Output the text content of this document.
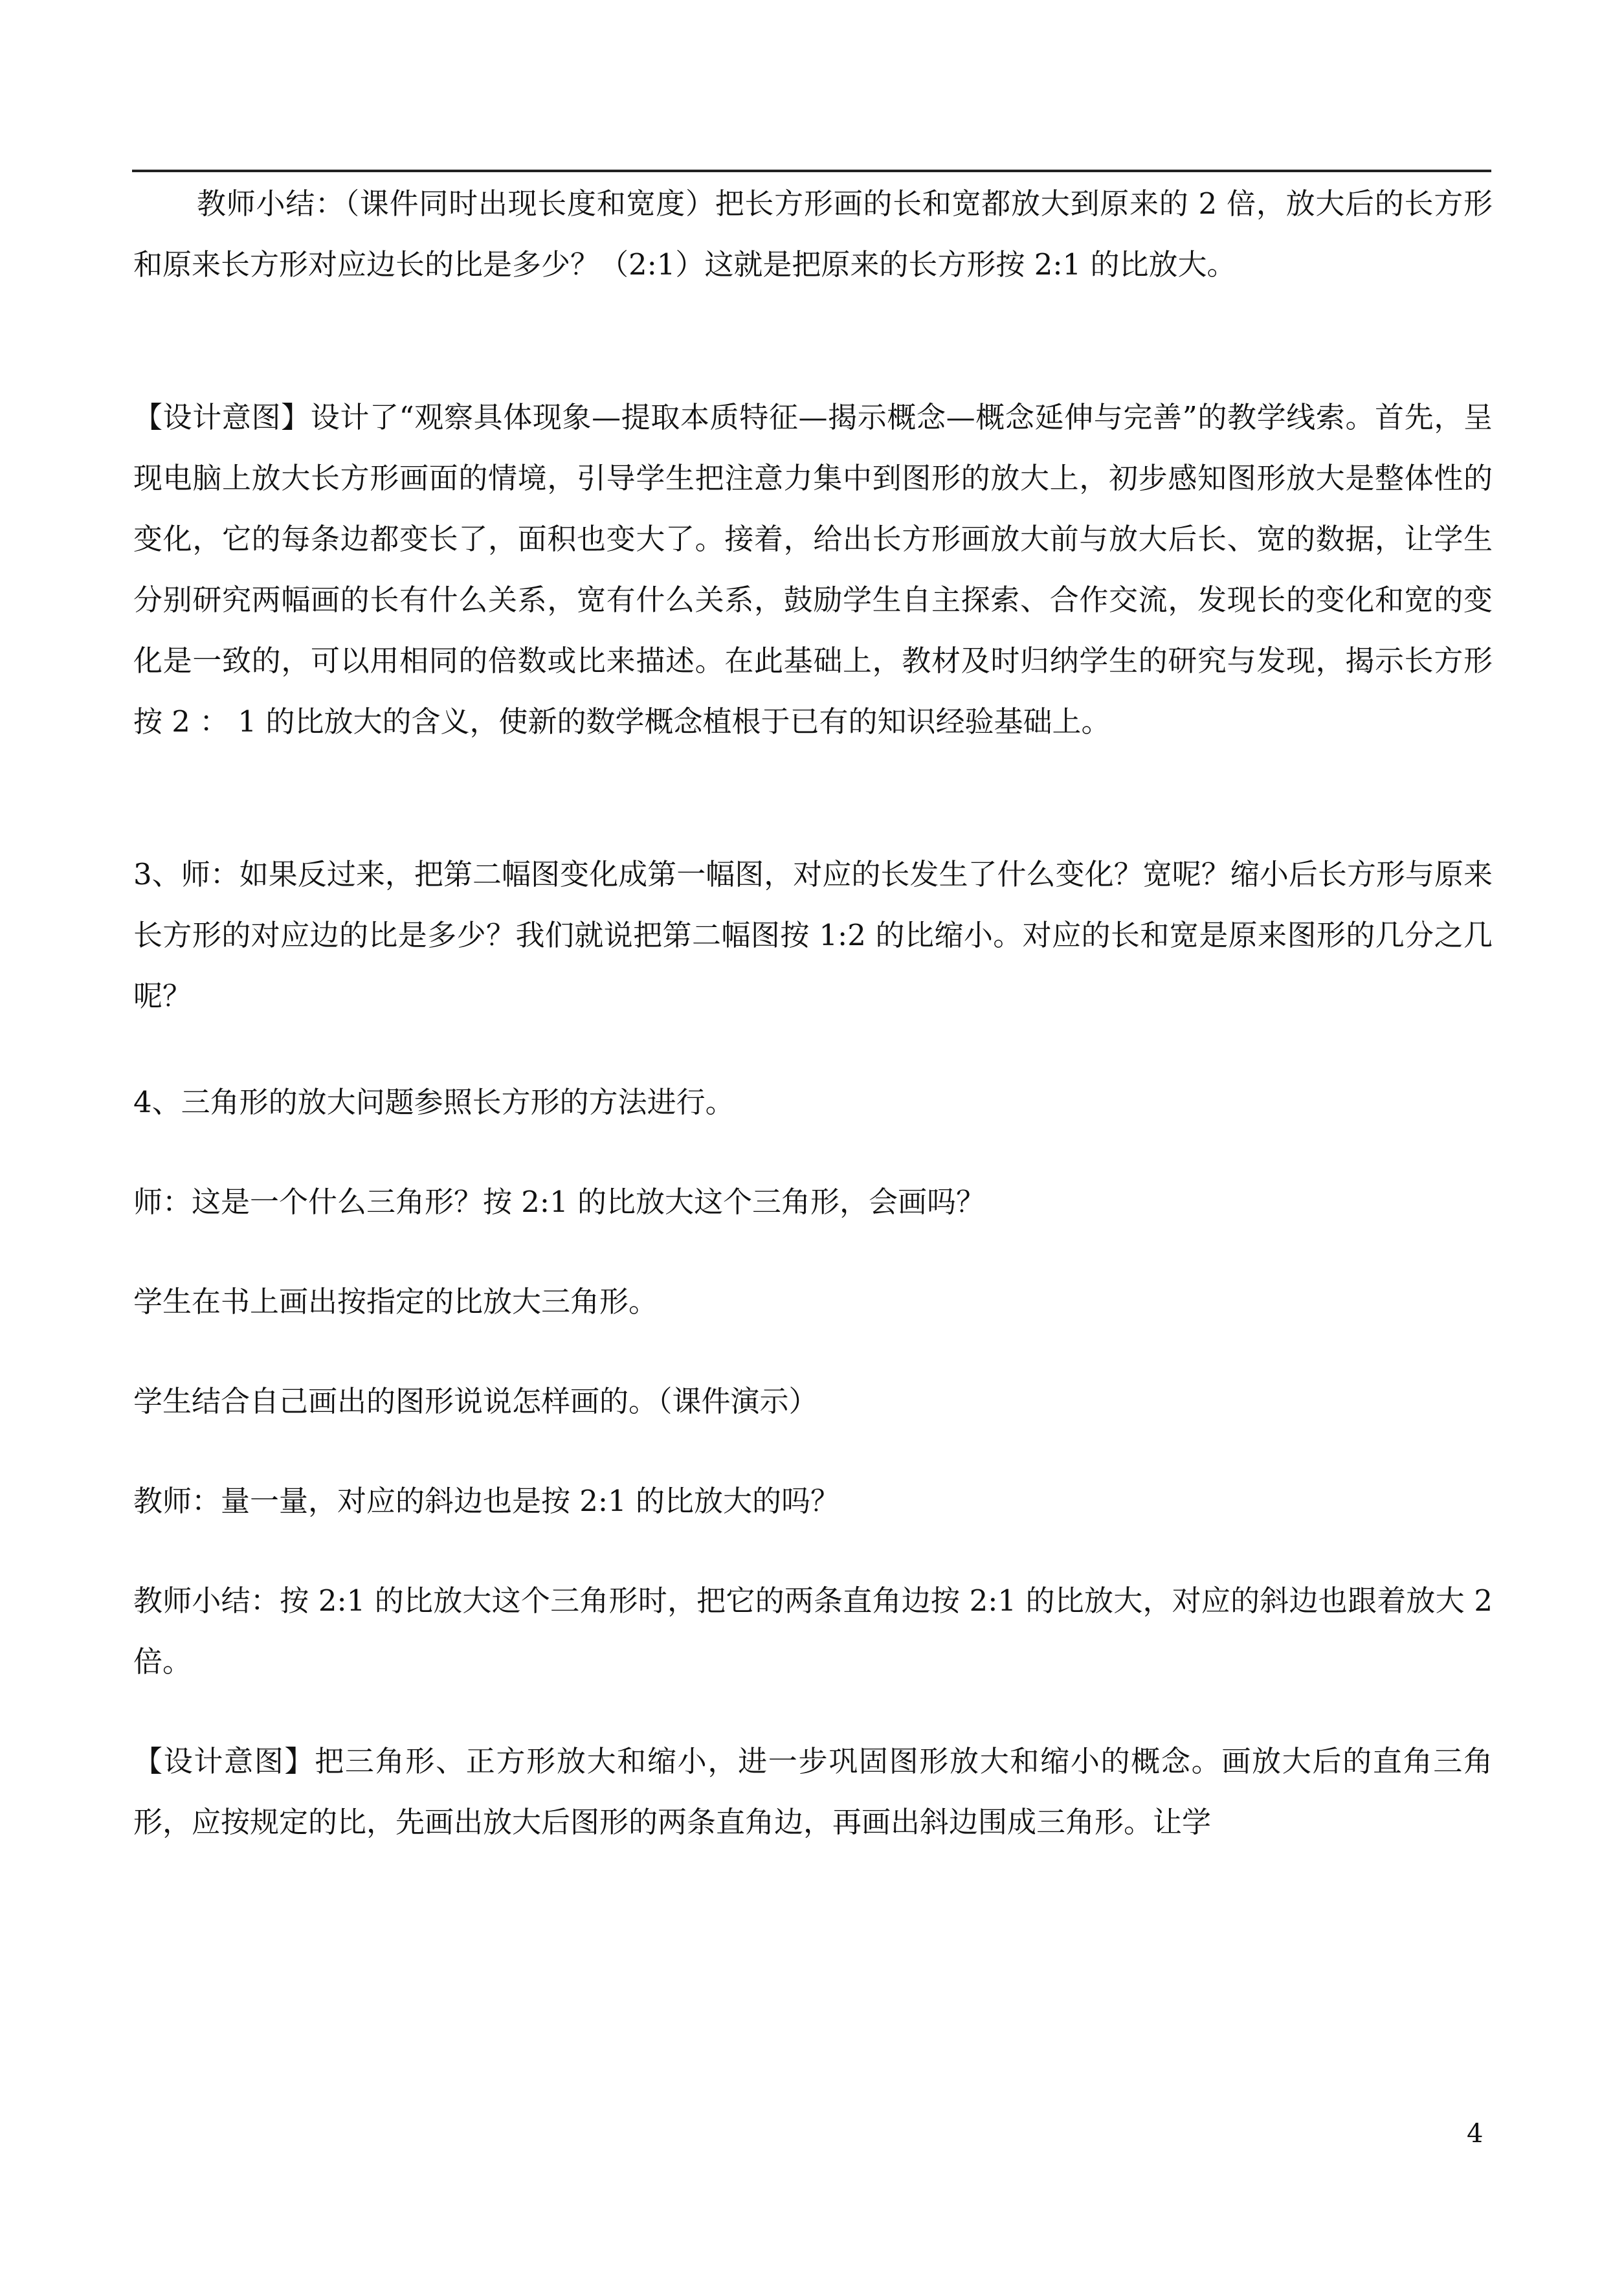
教师小结：（课件同时出现长度和宽度）把长方形画的长和宽都放大到原来的 2 倍，放大后的长方形和原来长方形对应边长的比是多少？（2:1）这就是把原来的长方形按 2:1 的比放大。

【设计意图】设计了“观察具体现象—提取本质特征—揭示概念—概念延伸与完善”的教学线索。首先，呈现电脑上放大长方形画面的情境，引导学生把注意力集中到图形的放大上，初步感知图形放大是整体性的变化，它的每条边都变长了，面积也变大了。接着，给出长方形画放大前与放大后长、宽的数据，让学生分别研究两幅画的长有什么关系，宽有什么关系，鼓励学生自主探索、合作交流，发现长的变化和宽的变化是一致的，可以用相同的倍数或比来描述。在此基础上，教材及时归纳学生的研究与发现，揭示长方形按 2 ： 1 的比放大的含义，使新的数学概念植根于已有的知识经验基础上。

3、师：如果反过来，把第二幅图变化成第一幅图，对应的长发生了什么变化？宽呢？缩小后长方形与原来长方形的对应边的比是多少？我们就说把第二幅图按 1:2 的比缩小。对应的长和宽是原来图形的几分之几呢？

4、三角形的放大问题参照长方形的方法进行。

师：这是一个什么三角形？按 2:1 的比放大这个三角形，会画吗？

学生在书上画出按指定的比放大三角形。

学生结合自己画出的图形说说怎样画的。（课件演示）

教师：量一量，对应的斜边也是按 2:1 的比放大的吗？

教师小结：按 2:1 的比放大这个三角形时，把它的两条直角边按 2:1 的比放大，对应的斜边也跟着放大 2 倍。

【设计意图】把三角形、正方形放大和缩小，进一步巩固图形放大和缩小的概念。画放大后的直角三角形，应按规定的比，先画出放大后图形的两条直角边，再画出斜边围成三角形。让学

4
